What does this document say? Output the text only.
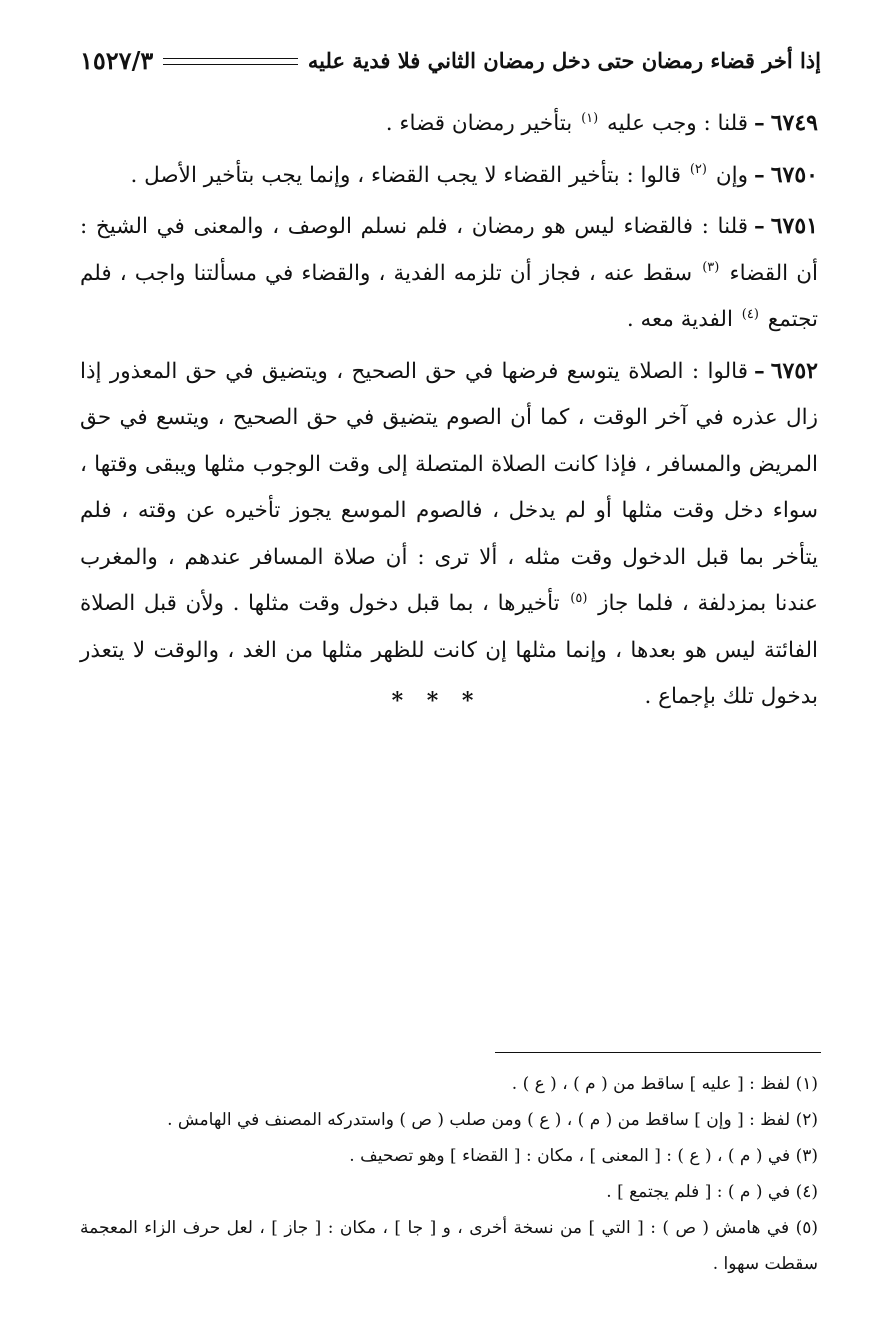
إذا أخر قضاء رمضان حتى دخل رمضان الثاني فلا فدية عليه
١٥٢٧/٣

٦٧٤٩–قلنا : وجب عليه $^{(١)}$ بتأخير رمضان قضاء .

٦٧٥٠–وإن $^{(٢)}$ قالوا : بتأخير القضاء لا يجب القضاء ، وإنما يجب بتأخير الأصل .

٦٧٥١–قلنا : فالقضاء ليس هو رمضان ، فلم نسلم الوصف ، والمعنى في الشيخ : أن القضاء $^{(٣)}$ سقط عنه ، فجاز أن تلزمه الفدية ، والقضاء في مسألتنا واجب ، فلم تجتمع $^{(٤)}$ الفدية معه .

٦٧٥٢–قالوا : الصلاة يتوسع فرضها في حق الصحيح ، ويتضيق في حق المعذور إذا زال عذره في آخر الوقت ، كما أن الصوم يتضيق في حق الصحيح ، ويتسع في حق المريض والمسافر ، فإذا كانت الصلاة المتصلة إلى وقت الوجوب مثلها ويبقى وقتها ، سواء دخل وقت مثلها أو لم يدخل ، فالصوم الموسع يجوز تأخيره عن وقته ، فلم يتأخر بما قبل الدخول وقت مثله ، ألا ترى : أن صلاة المسافر عندهم ، والمغرب عندنا بمزدلفة ، فلما جاز $^{(٥)}$ تأخيرها ، بما قبل دخول وقت مثلها . ولأن قبل الصلاة الفائتة ليس هو بعدها ، وإنما مثلها إن كانت للظهر مثلها من الغد ، والوقت لا يتعذر بدخول تلك بإجماع .

* * *

(١) لفظ : [ عليه ] ساقط من ( م ) ، ( ع ) .

(٢) لفظ : [ وإن ] ساقط من ( م ) ، ( ع ) ومن صلب ( ص ) واستدركه المصنف في الهامش .

(٣) في ( م ) ، ( ع ) : [ المعنى ] ، مكان : [ القضاء ] وهو تصحيف .

(٤) في ( م ) : [ فلم يجتمع ] .

(٥) في هامش ( ص ) : [ التي ] من نسخة أخرى ، و [ جا ] ، مكان : [ جاز ] ، لعل حرف الزاء المعجمة سقطت سهوا .
